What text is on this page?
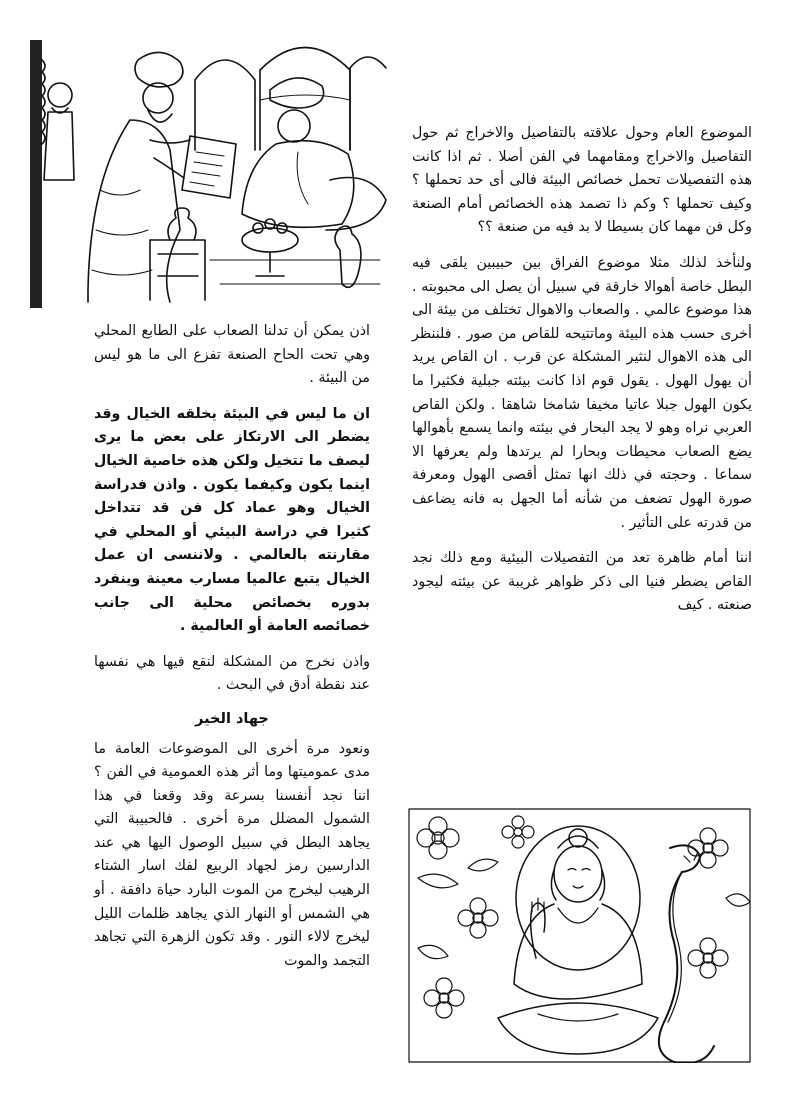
الموضوع العام وحول علاقته بالتفاصيل والاخراج ثم حول التفاصيل والاخراج ومقامهما في الفن أصلا . ثم اذا كانت هذه التفصيلات تحمل خصائص البيئة فالى أى حد تحملها ؟ وكيف تحملها ؟ وكم ذا تصمد هذه الخصائص أمام الصنعة وكل فن مهما كان بسيطا لا بد فيه من صنعة ؟؟

ولنأخذ لذلك مثلا موضوع الفراق بين حبيبين يلقى فيه البطل خاصة أهوالا خارقة في سبيل أن يصل الى محبوبته . هذا موضوع عالمي . والصعاب والاهوال تختلف من بيئة الى أخرى حسب هذه البيئة وماتتيحه للقاص من صور . فلننظر الى هذه الاهوال لنثير المشكلة عن قرب . ان القاص يريد أن يهول الهول . يقول قوم اذا كانت بيئته جبلية فكثيرا ما يكون الهول جبلا عاتيا مخيفا شامخا شاهقا . ولكن القاص العربي نراه وهو لا يجد البحار في بيئته وانما يسمع بأهوالها يضع الصعاب محيطات وبحارا لم يرتدها ولم يعرفها الا سماعا . وحجته في ذلك انها تمثل أقصى الهول ومعرفة صورة الهول تضعف من شأنه أما الجهل به فانه يضاعف من قدرته على التأثير .

اننا أمام ظاهرة تعد من التفصيلات البيئية ومع ذلك نجد القاص يضطر فنيا الى ذكر ظواهر غريبة عن بيئته ليجود صنعته . كيف

اذن يمكن أن تدلنا الصعاب على الطابع المحلي وهي تحت الحاح الصنعة تفزع الى ما هو ليس من البيئة .

ان ما ليس في البيئة يخلقه الخيال وقد يضطر الى الارتكاز على بعض ما يرى ليصف ما تتخيل ولكن هذه خاصية الخيال اينما يكون وكيفما يكون . واذن فدراسة الخيال وهو عماد كل فن قد تتداخل كثيرا في دراسة البيئي أو المحلي في مقارنته بالعالمي . ولاننسى ان عمل الخيال يتبع عالميا مسارب معينة وينفرد بدوره بخصائص محلية الى جانب خصائصه العامة أو العالمية .

واذن نخرج من المشكلة لنقع فيها هي نفسها عند نقطة أدق في البحث .

جهاد الخير

ونعود مرة أخرى الى الموضوعات العامة ما مدى عموميتها وما أثر هذه العمومية في الفن ؟ اننا نجد أنفسنا بسرعة وقد وقعنا في هذا الشمول المضلل مرة أخرى . فالحبيبة التي يجاهد البطل في سبيل الوصول اليها هي عند الدارسين رمز لجهاد الربيع لفك اسار الشتاء الرهيب ليخرج من الموت البارد حياة دافقة . أو هي الشمس أو النهار الذي يجاهد ظلمات الليل ليخرج لالاء النور . وقد تكون الزهرة التي تجاهد التجمد والموت
